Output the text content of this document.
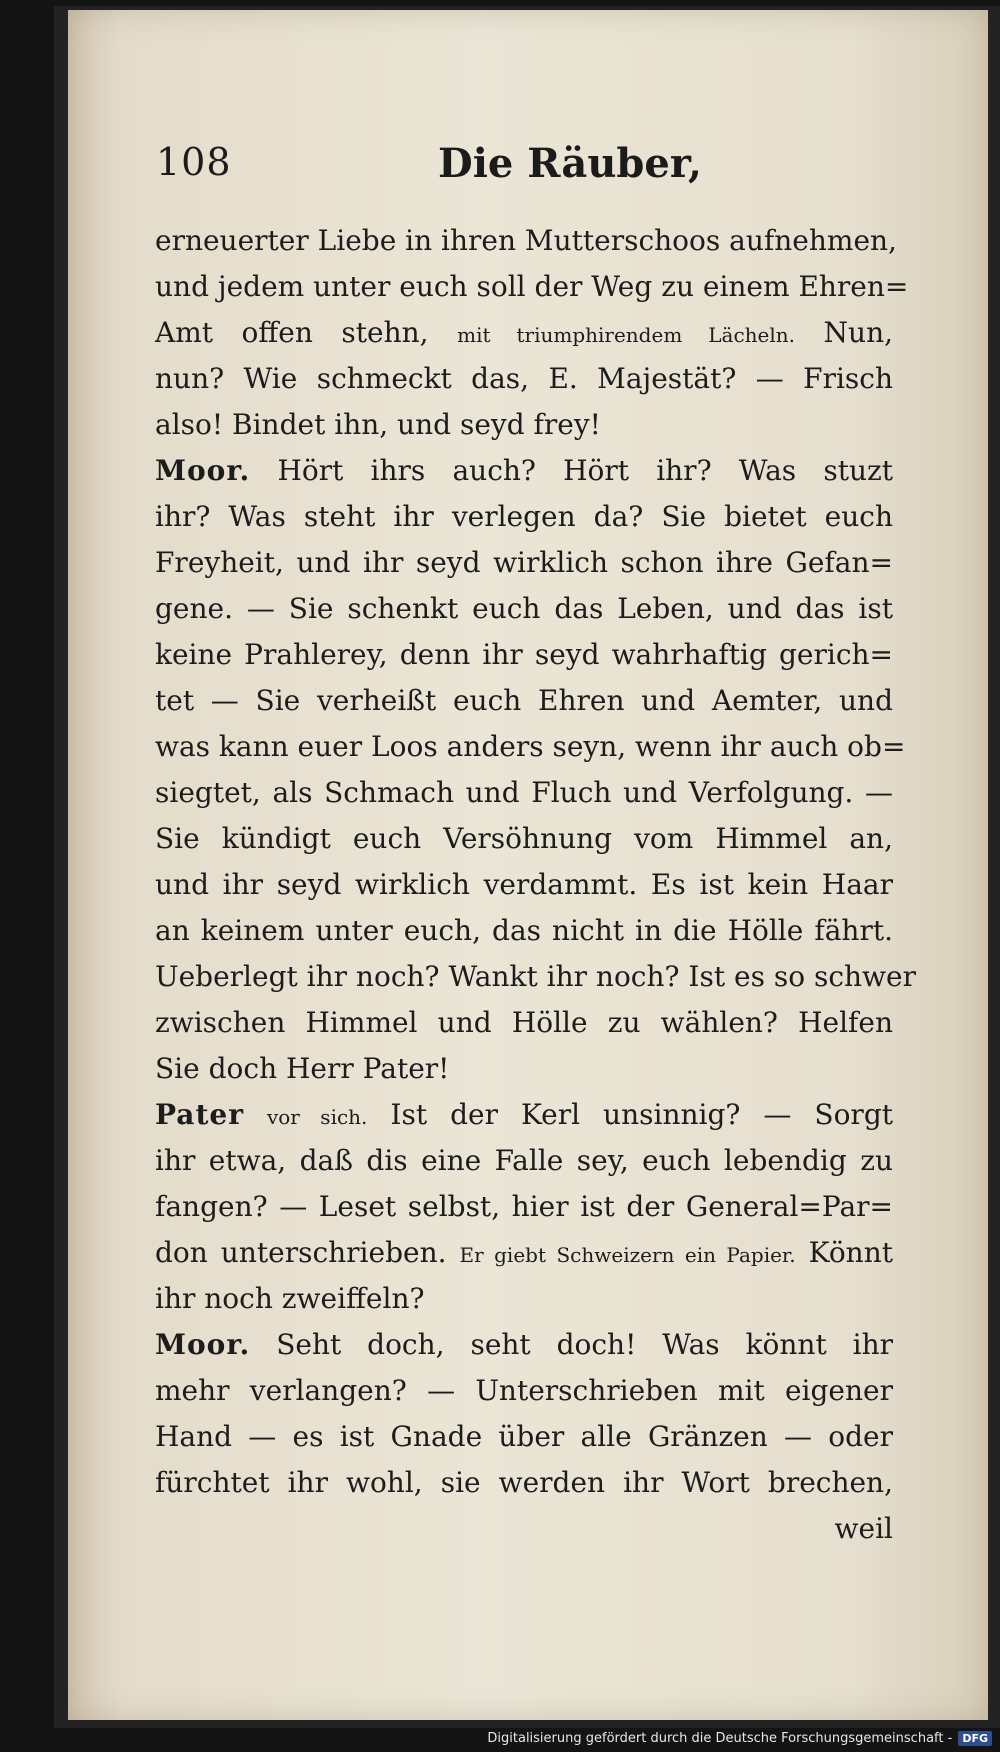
108	Die Räuber,
erneuerter Liebe in ihren Mutterschoos aufnehmen,
und jedem unter euch soll der Weg zu einem Ehren=
Amt offen stehn, mit triumphirendem Lächeln. Nun,
nun? Wie schmeckt das, E. Majestät? — Frisch
also! Bindet ihn, und seyd frey!
Moor. Hört ihrs auch? Hört ihr? Was stuzt
ihr? Was steht ihr verlegen da? Sie bietet euch
Freyheit, und ihr seyd wirklich schon ihre Gefan=
gene. — Sie schenkt euch das Leben, und das ist
keine Prahlerey, denn ihr seyd wahrhaftig gerich=
tet — Sie verheißt euch Ehren und Aemter, und
was kann euer Loos anders seyn, wenn ihr auch ob=
siegtet, als Schmach und Fluch und Verfolgung. —
Sie kündigt euch Versöhnung vom Himmel an,
und ihr seyd wirklich verdammt. Es ist kein Haar
an keinem unter euch, das nicht in die Hölle fährt.
Ueberlegt ihr noch? Wankt ihr noch? Ist es so schwer
zwischen Himmel und Hölle zu wählen? Helfen
Sie doch Herr Pater!
Pater vor sich. Ist der Kerl unsinnig? — Sorgt
ihr etwa, daß dis eine Falle sey, euch lebendig zu
fangen? — Leset selbst, hier ist der General=Par=
don unterschrieben. Er giebt Schweizern ein Papier. Könnt
ihr noch zweiffeln?
Moor. Seht doch, seht doch! Was könnt ihr
mehr verlangen? — Unterschrieben mit eigener
Hand — es ist Gnade über alle Gränzen — oder
fürchtet ihr wohl, sie werden ihr Wort brechen,
weil
Digitalisierung gefördert durch die Deutsche Forschungsgemeinschaft - DFG
